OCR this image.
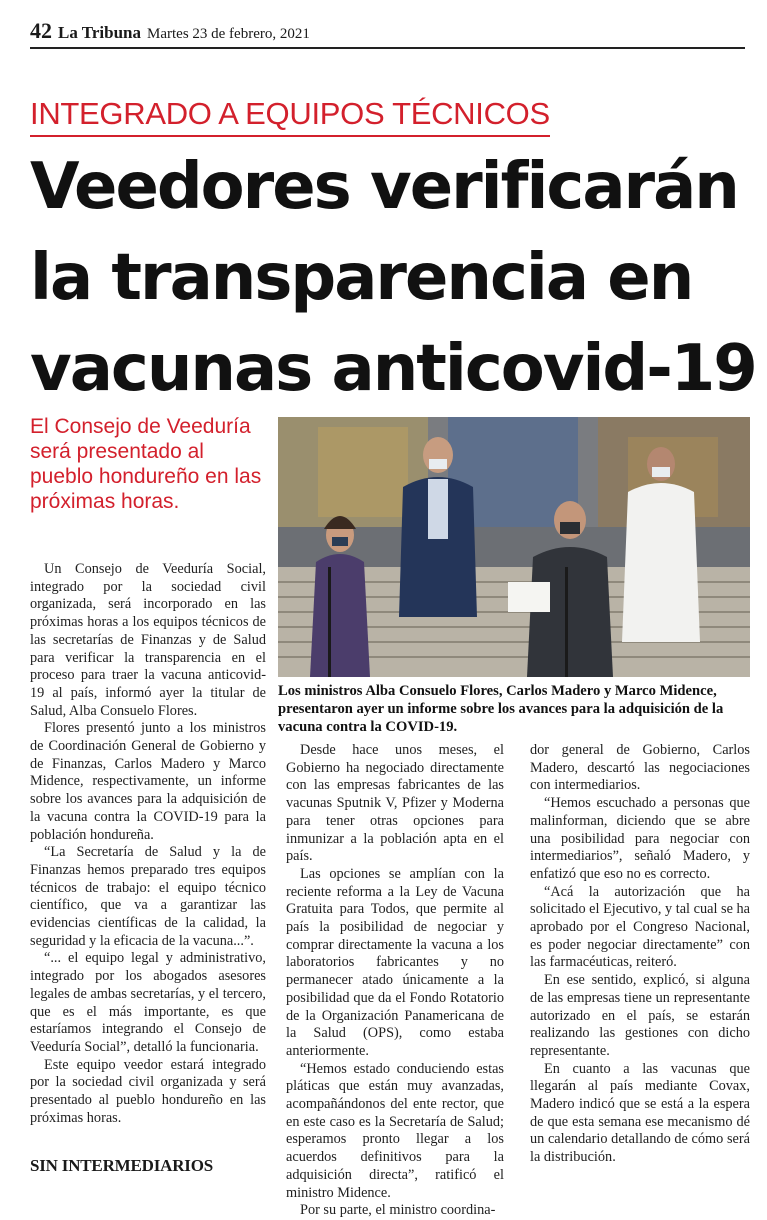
42 La Tribuna Martes 23 de febrero, 2021
INTEGRADO A EQUIPOS TÉCNICOS
Veedores verificarán
la transparencia en
vacunas anticovid-19

El Consejo de Veeduría será presentado al pueblo hondureño en las próximas horas.

Los ministros Alba Consuelo Flores, Carlos Madero y Marco Midence, presentaron ayer un informe sobre los avances para la adquisición de la vacuna contra la COVID-19.

Un Consejo de Veeduría Social, integrado por la sociedad civil organizada, será incorporado en las próximas horas a los equipos técnicos de las secretarías de Finanzas y de Salud para verificar la transparencia en el proceso para traer la vacuna anticovid-19 al país, informó ayer la titular de Salud, Alba Consuelo Flores.

Flores presentó junto a los ministros de Coordinación General de Gobierno y de Finanzas, Carlos Madero y Marco Midence, respectivamente, un informe sobre los avances para la adquisición de la vacuna contra la COVID-19 para la población hondureña.

“La Secretaría de Salud y la de Finanzas hemos preparado tres equipos técnicos de trabajo: el equipo técnico científico, que va a garantizar las evidencias científicas de la calidad, la seguridad y la eficacia de la vacuna...”.

“... el equipo legal y administrativo, integrado por los abogados asesores legales de ambas secretarías, y el tercero, que es el más importante, es que estaríamos integrando el Consejo de Veeduría Social”, detalló la funcionaria.

Este equipo veedor estará integrado por la sociedad civil organizada y será presentado al pueblo hondureño en las próximas horas.

Desde hace unos meses, el Gobierno ha negociado directamente con las empresas fabricantes de las vacunas Sputnik V, Pfizer y Moderna para tener otras opciones para inmunizar a la población apta en el país.

Las opciones se amplían con la reciente reforma a la Ley de Vacuna Gratuita para Todos, que permite al país la posibilidad de negociar y comprar directamente la vacuna a los laboratorios fabricantes y no permanecer atado únicamente a la posibilidad que da el Fondo Rotatorio de la Organización Panamericana de la Salud (OPS), como estaba anteriormente.

“Hemos estado conduciendo estas pláticas que están muy avanzadas, acompañándonos del ente rector, que en este caso es la Secretaría de Salud; esperamos pronto llegar a los acuerdos definitivos para la adquisición directa”, ratificó el ministro Midence.

Por su parte, el ministro coordina-

dor general de Gobierno, Carlos Madero, descartó las negociaciones con intermediarios.

“Hemos escuchado a personas que malinforman, diciendo que se abre una posibilidad para negociar con intermediarios”, señaló Madero, y enfatizó que eso no es correcto.

“Acá la autorización que ha solicitado el Ejecutivo, y tal cual se ha aprobado por el Congreso Nacional, es poder negociar directamente” con las farmacéuticas, reiteró.

En ese sentido, explicó, si alguna de las empresas tiene un representante autorizado en el país, se estarán realizando las gestiones con dicho representante.

En cuanto a las vacunas que llegarán al país mediante Covax, Madero indicó que se está a la espera de que esta semana ese mecanismo dé un calendario detallando de cómo será la distribución.

SIN INTERMEDIARIOS
